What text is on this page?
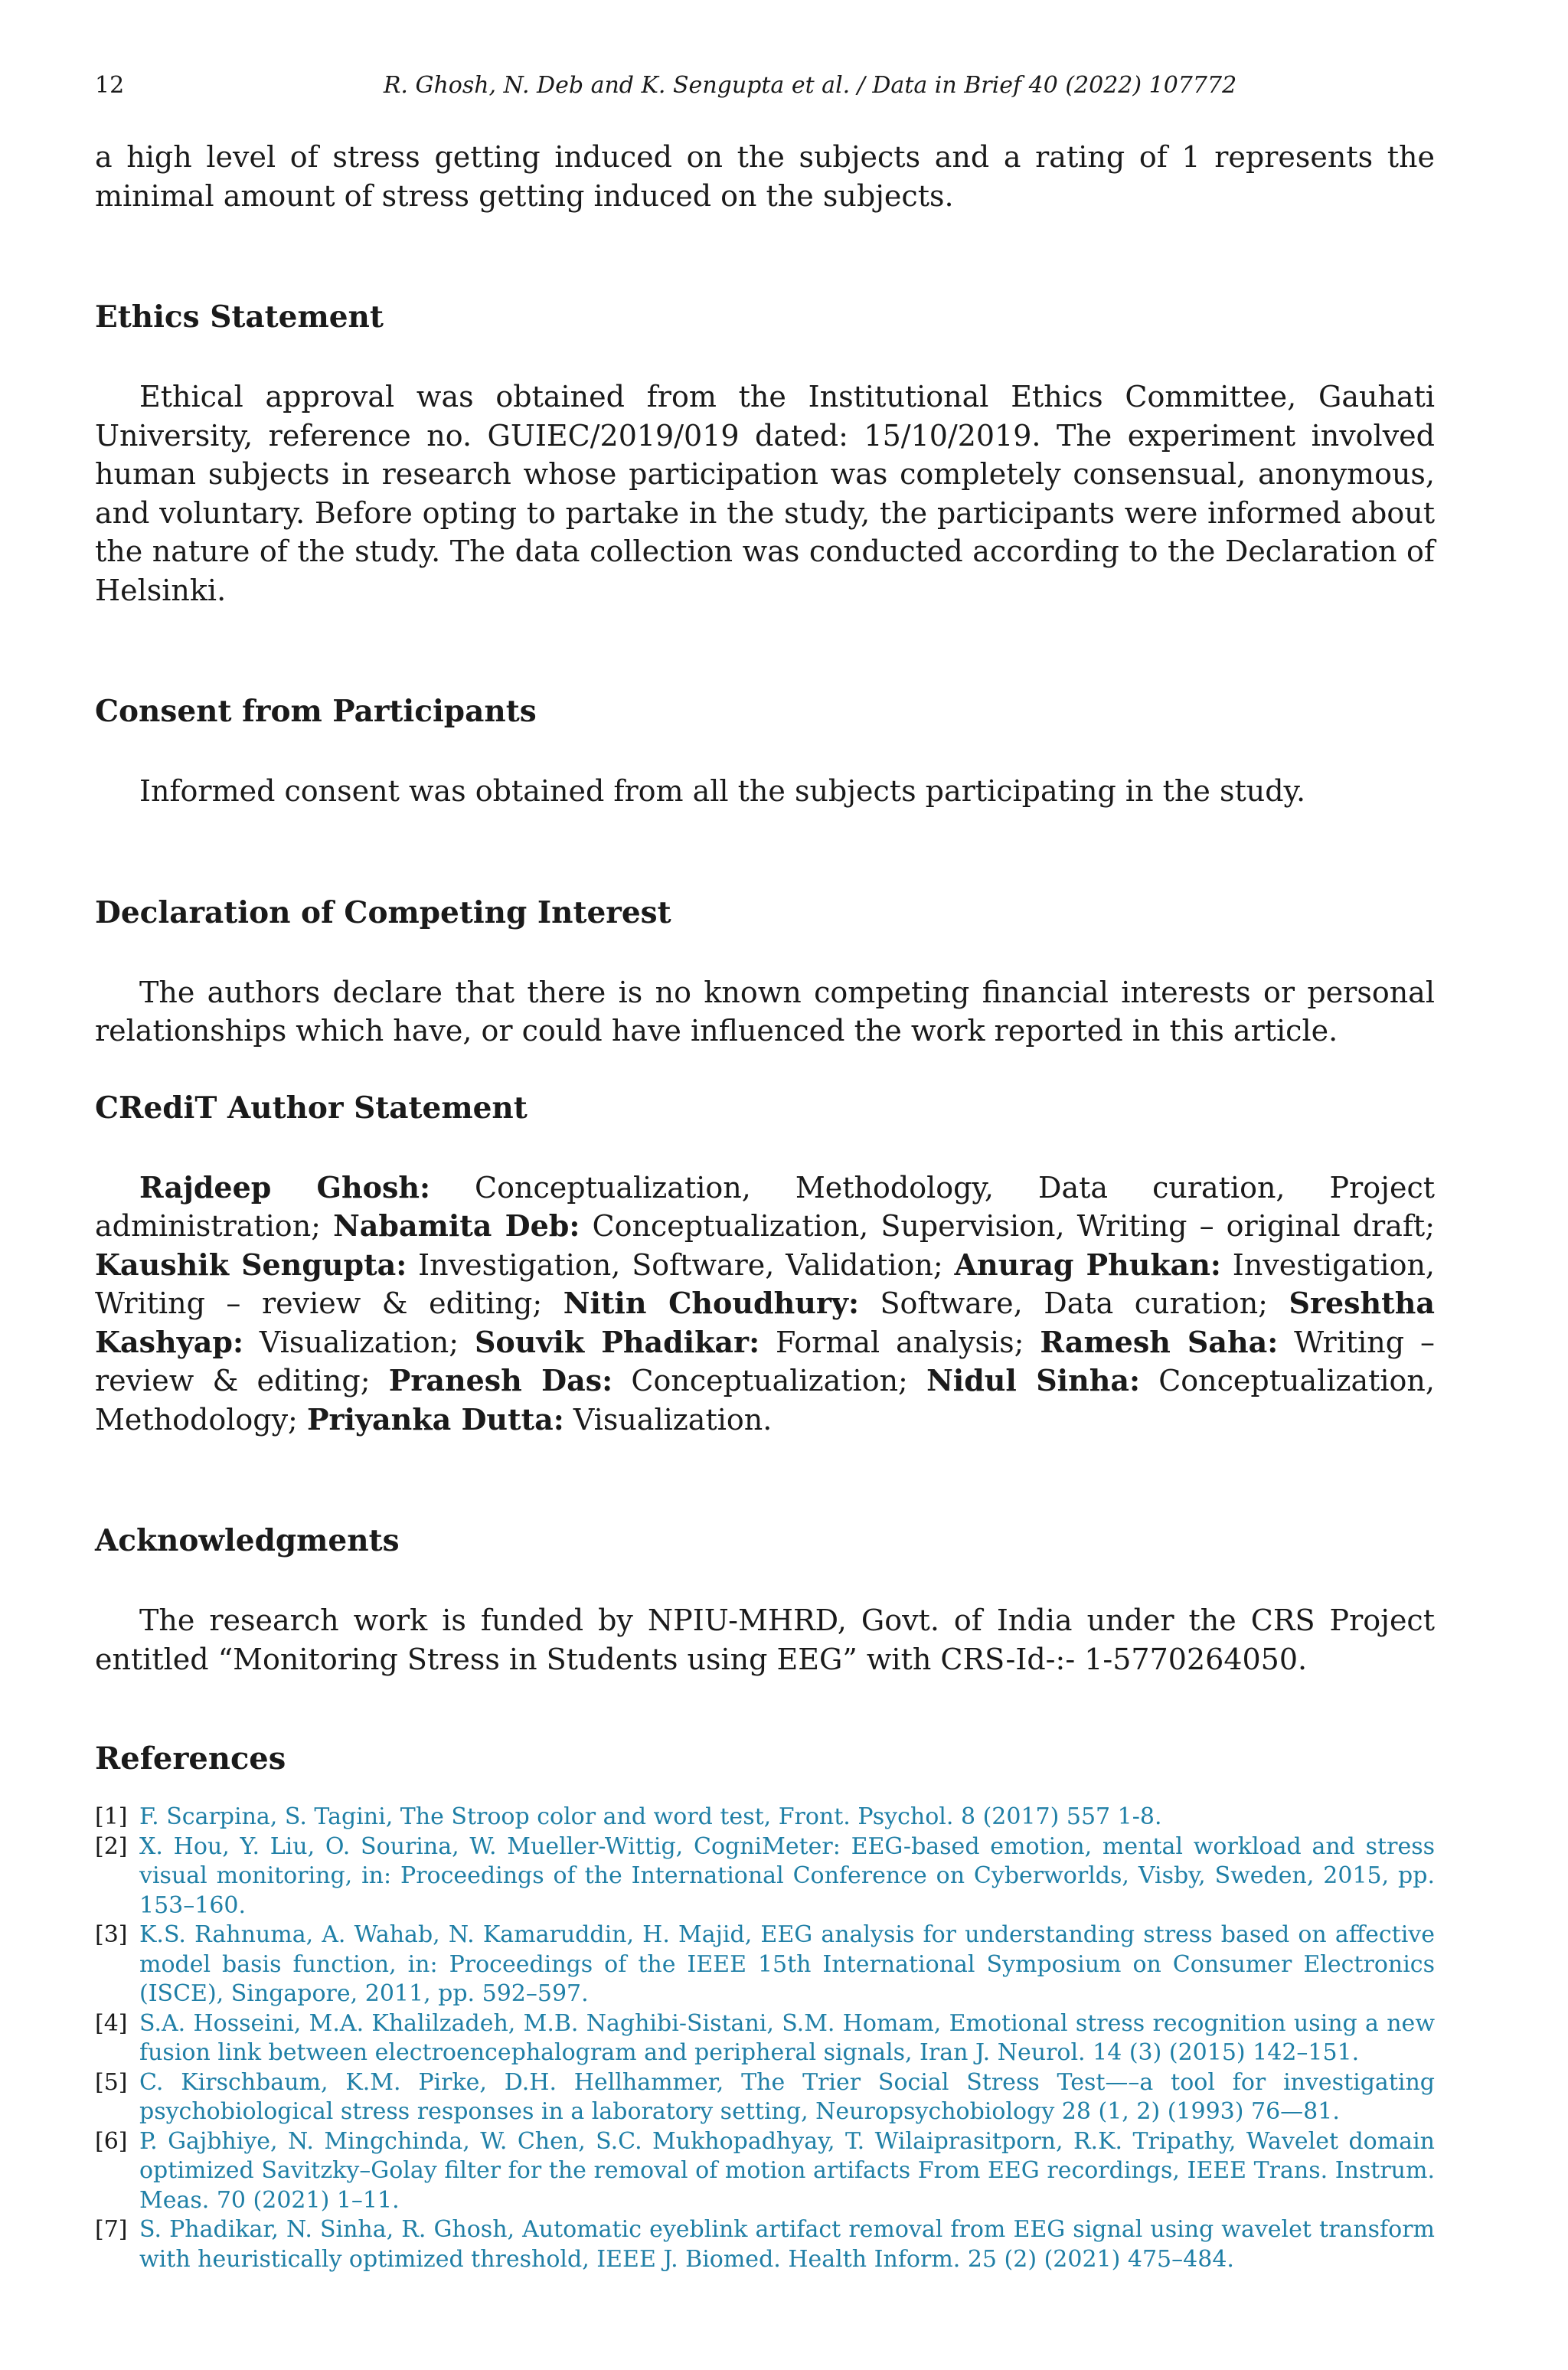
12	R. Ghosh, N. Deb and K. Sengupta et al. / Data in Brief 40 (2022) 107772

a high level of stress getting induced on the subjects and a rating of 1 represents the minimal amount of stress getting induced on the subjects.

Ethics Statement

Ethical approval was obtained from the Institutional Ethics Committee, Gauhati University, reference no. GUIEC/2019/019 dated: 15/10/2019. The experiment involved human subjects in research whose participation was completely consensual, anonymous, and voluntary. Before opting to partake in the study, the participants were informed about the nature of the study. The data collection was conducted according to the Declaration of Helsinki.

Consent from Participants

Informed consent was obtained from all the subjects participating in the study.

Declaration of Competing Interest

The authors declare that there is no known competing financial interests or personal relationships which have, or could have influenced the work reported in this article.

CRediT Author Statement

Rajdeep Ghosh: Conceptualization, Methodology, Data curation, Project administration; Nabamita Deb: Conceptualization, Supervision, Writing – original draft; Kaushik Sengupta: Investigation, Software, Validation; Anurag Phukan: Investigation, Writing – review & editing; Nitin Choudhury: Software, Data curation; Sreshtha Kashyap: Visualization; Souvik Phadikar: Formal analysis; Ramesh Saha: Writing – review & editing; Pranesh Das: Conceptualization; Nidul Sinha: Conceptualization, Methodology; Priyanka Dutta: Visualization.

Acknowledgments

The research work is funded by NPIU-MHRD, Govt. of India under the CRS Project entitled “Monitoring Stress in Students using EEG” with CRS-Id-:- 1-5770264050.

References
[1] F. Scarpina, S. Tagini, The Stroop color and word test, Front. Psychol. 8 (2017) 557 1-8.
[2] X. Hou, Y. Liu, O. Sourina, W. Mueller-Wittig, CogniMeter: EEG-based emotion, mental workload and stress visual monitoring, in: Proceedings of the International Conference on Cyberworlds, Visby, Sweden, 2015, pp. 153–160.
[3] K.S. Rahnuma, A. Wahab, N. Kamaruddin, H. Majid, EEG analysis for understanding stress based on affective model basis function, in: Proceedings of the IEEE 15th International Symposium on Consumer Electronics (ISCE), Singapore, 2011, pp. 592–597.
[4] S.A. Hosseini, M.A. Khalilzadeh, M.B. Naghibi-Sistani, S.M. Homam, Emotional stress recognition using a new fusion link between electroencephalogram and peripheral signals, Iran J. Neurol. 14 (3) (2015) 142–151.
[5] C. Kirschbaum, K.M. Pirke, D.H. Hellhammer, The Trier Social Stress Test—–a tool for investigating psychobiological stress responses in a laboratory setting, Neuropsychobiology 28 (1, 2) (1993) 76—81.
[6] P. Gajbhiye, N. Mingchinda, W. Chen, S.C. Mukhopadhyay, T. Wilaiprasitporn, R.K. Tripathy, Wavelet domain optimized Savitzky–Golay filter for the removal of motion artifacts From EEG recordings, IEEE Trans. Instrum. Meas. 70 (2021) 1–11.
[7] S. Phadikar, N. Sinha, R. Ghosh, Automatic eyeblink artifact removal from EEG signal using wavelet transform with heuristically optimized threshold, IEEE J. Biomed. Health Inform. 25 (2) (2021) 475–484.
